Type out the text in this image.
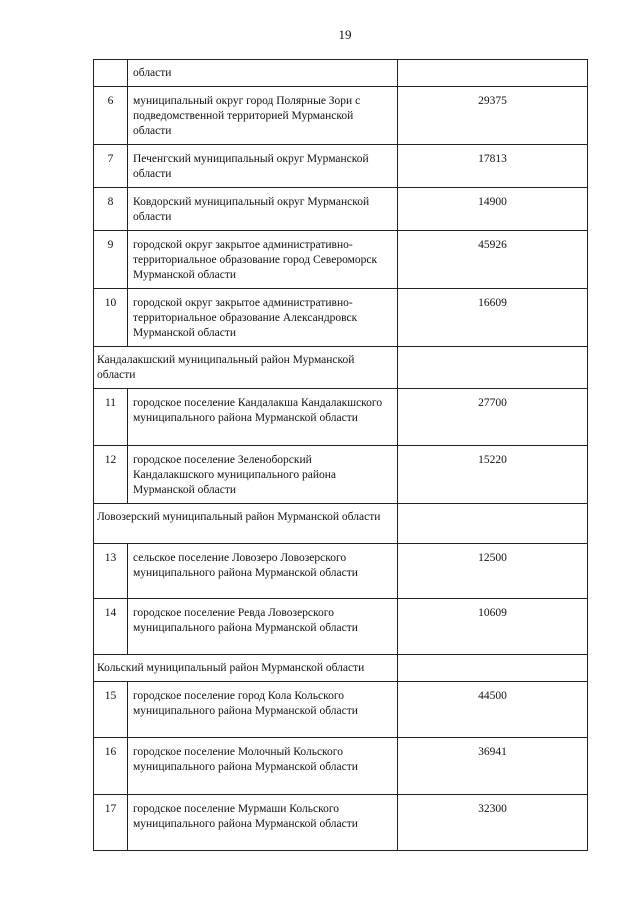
19
	области	
6	муниципальный округ город Полярные Зори с подведомственной территорией Мурманской области	29375
7	Печенгский муниципальный округ Мурманской области	17813
8	Ковдорский муниципальный округ Мурманской области	14900
9	городской округ закрытое административно-территориальное образование город Североморск Мурманской области	45926
10	городской округ закрытое административно-территориальное образование Александровск Мурманской области	16609
Кандалакшский муниципальный район Мурманской области		
11	городское поселение Кандалакша Кандалакшского муниципального района Мурманской области	27700
12	городское поселение Зеленоборский Кандалакшского муниципального района Мурманской области	15220
Ловозерский муниципальный район Мурманской области		
13	сельское поселение Ловозеро Ловозерского муниципального района Мурманской области	12500
14	городское поселение Ревда Ловозерского муниципального района Мурманской области	10609
Кольский муниципальный район Мурманской области		
15	городское поселение город Кола Кольского муниципального района Мурманской области	44500
16	городское поселение Молочный Кольского муниципального района Мурманской области	36941
17	городское поселение Мурмаши Кольского муниципального района Мурманской области	32300
